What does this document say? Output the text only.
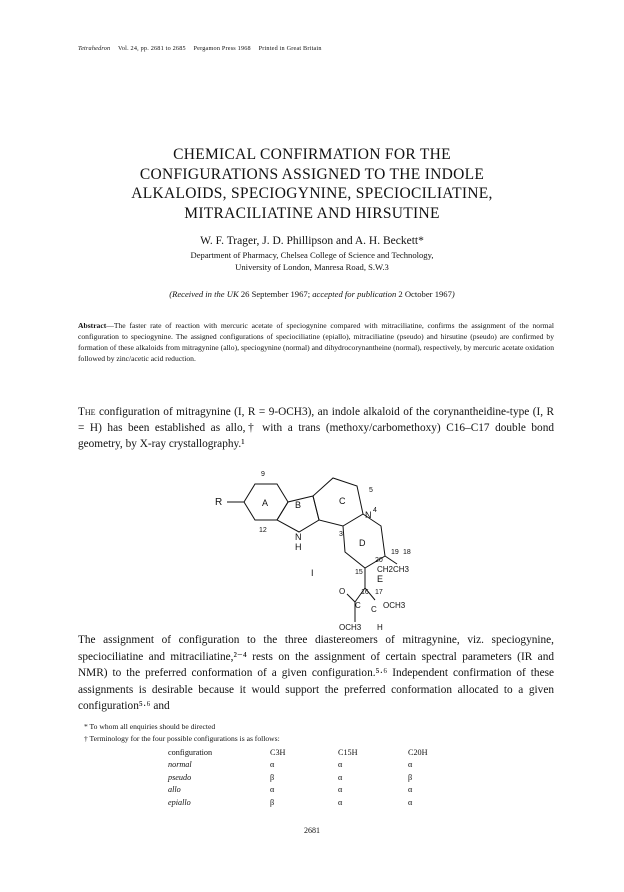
Tetrahedron Vol. 24, pp. 2681 to 2685 Pergamon Press 1968 Printed in Great Britain
CHEMICAL CONFIRMATION FOR THE
CONFIGURATIONS ASSIGNED TO THE INDOLE
ALKALOIDS, SPECIOGYNINE, SPECIOCILIATINE,
MITRACILIATINE AND HIRSUTINE
W. F. Trager, J. D. Phillipson and A. H. Beckett*
Department of Pharmacy, Chelsea College of Science and Technology,
University of London, Manresa Road, S.W.3
(Received in the UK 26 September 1967; accepted for publication 2 October 1967)
Abstract—The faster rate of reaction with mercuric acetate of speciogynine compared with mitraciliatine, confirms the assignment of the normal configuration to speciogynine. The assigned configurations of speciociliatine (epiallo), mitraciliatine (pseudo) and hirsutine (pseudo) are confirmed by formation of these alkaloids from mitragynine (allo), speciogynine (normal) and dihydrocorynantheine (normal), respectively, by mercuric acetate oxidation followed by zinc/acetic acid reduction.
The configuration of mitragynine (I, R = 9-OCH3), an indole alkaloid of the corynantheidine-type (I, R = H) has been established as allo,† with a trans (methoxy/carbomethoxy) C16–C17 double bond geometry, by X-ray crystallography.¹
R	A	B	C
D
E
N
H
N
9
12
5
4
3
20
19 18
15
16 17
CH2CH3
OCH3
O
C C
OCH3 H
I
The assignment of configuration to the three diastereomers of mitragynine, viz. speciogynine, speciociliatine and mitraciliatine,²⁻⁴ rests on the assignment of certain spectral parameters (IR and NMR) to the preferred conformation of a given configuration.⁵·⁶ Independent confirmation of these assignments is desirable because it would support the preferred conformation allocated to a given configuration⁵·⁶ and
* To whom all enquiries should be directed
† Terminology for the four possible configurations is as follows:
configuration	C3H	C15H	C20H
normal	α	α	α
pseudo	β	α	β
allo	α	α	α
epiallo	β	α	α
2681
